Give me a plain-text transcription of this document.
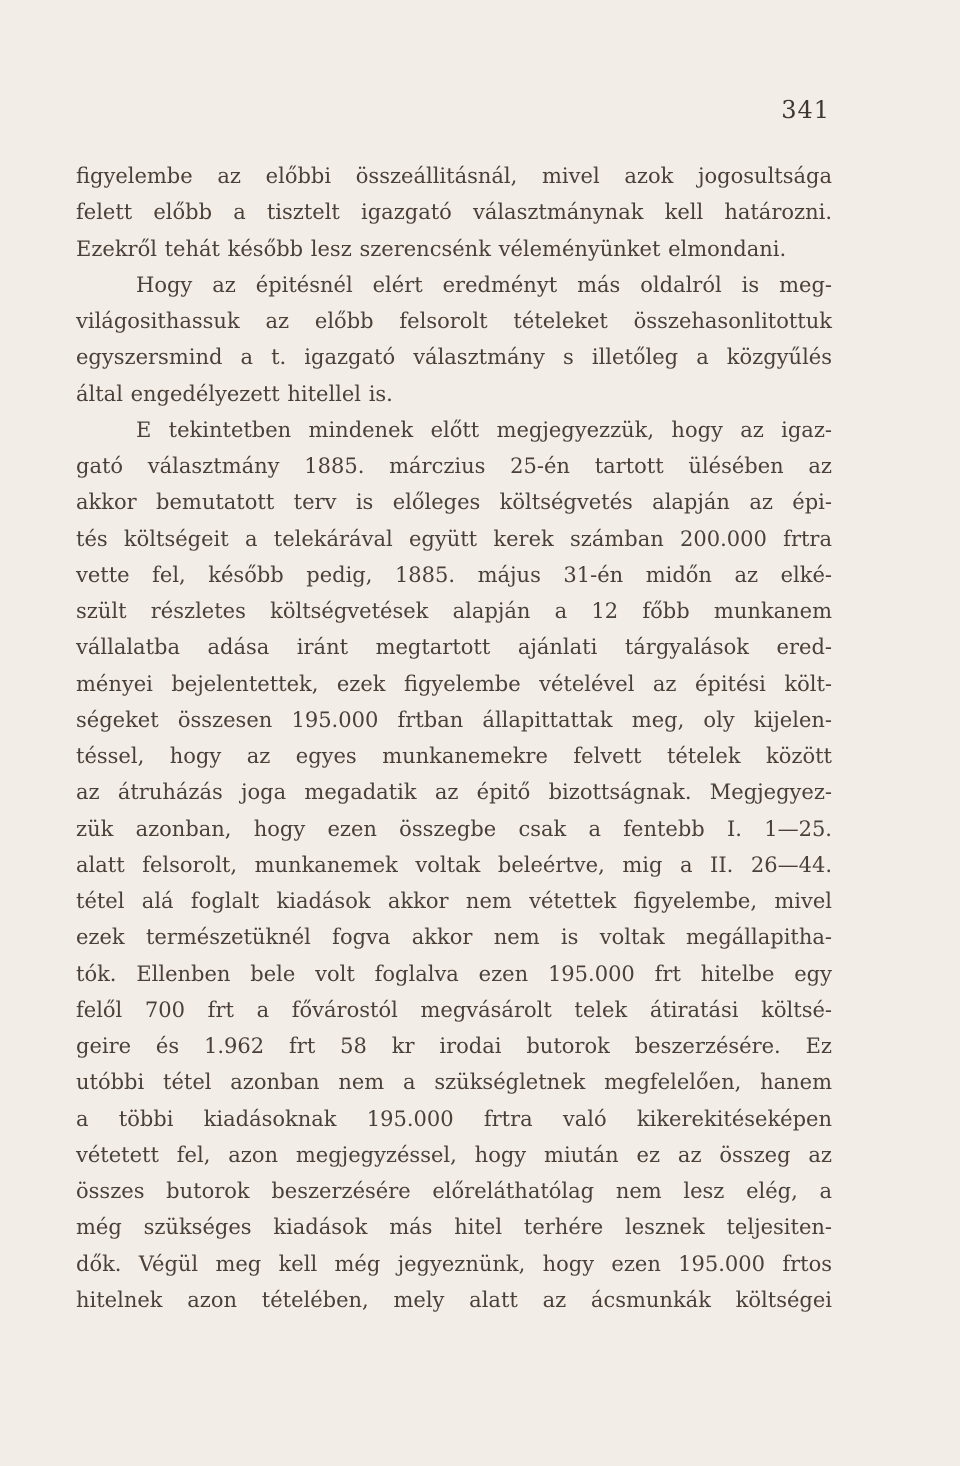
341
figyelembe az előbbi összeállitásnál, mivel azok jogosultsága
felett előbb a tisztelt igazgató választmánynak kell határozni.
Ezekről tehát később lesz szerencsénk véleményünket elmondani.
Hogy az épitésnél elért eredményt más oldalról is meg-
világosithassuk az előbb felsorolt tételeket összehasonlitottuk
egyszersmind a t. igazgató választmány s illetőleg a közgyűlés
által engedélyezett hitellel is.
E tekintetben mindenek előtt megjegyezzük, hogy az igaz-
gató választmány 1885. márczius 25-én tartott ülésében az
akkor bemutatott terv is előleges költségvetés alapján az épi-
tés költségeit a telekárával együtt kerek számban 200.000 frtra
vette fel, később pedig, 1885. május 31-én midőn az elké-
szült részletes költségvetések alapján a 12 főbb munkanem
vállalatba adása iránt megtartott ajánlati tárgyalások ered-
ményei bejelentettek, ezek figyelembe vételével az épitési költ-
ségeket összesen 195.000 frtban állapittattak meg, oly kijelen-
téssel, hogy az egyes munkanemekre felvett tételek között
az átruházás joga megadatik az épitő bizottságnak. Megjegyez-
zük azonban, hogy ezen összegbe csak a fentebb I. 1—25.
alatt felsorolt, munkanemek voltak beleértve, mig a II. 26—44.
tétel alá foglalt kiadások akkor nem vétettek figyelembe, mivel
ezek természetüknél fogva akkor nem is voltak megállapitha-
tók. Ellenben bele volt foglalva ezen 195.000 frt hitelbe egy
felől 700 frt a fővárostól megvásárolt telek átiratási költsé-
geire és 1.962 frt 58 kr irodai butorok beszerzésére. Ez
utóbbi tétel azonban nem a szükségletnek megfelelően, hanem
a többi kiadásoknak 195.000 frtra való kikerekitéseképen
vétetett fel, azon megjegyzéssel, hogy miután ez az összeg az
összes butorok beszerzésére előreláthatólag nem lesz elég, a
még szükséges kiadások más hitel terhére lesznek teljesiten-
dők. Végül meg kell még jegyeznünk, hogy ezen 195.000 frtos
hitelnek azon tételében, mely alatt az ácsmunkák költségei
